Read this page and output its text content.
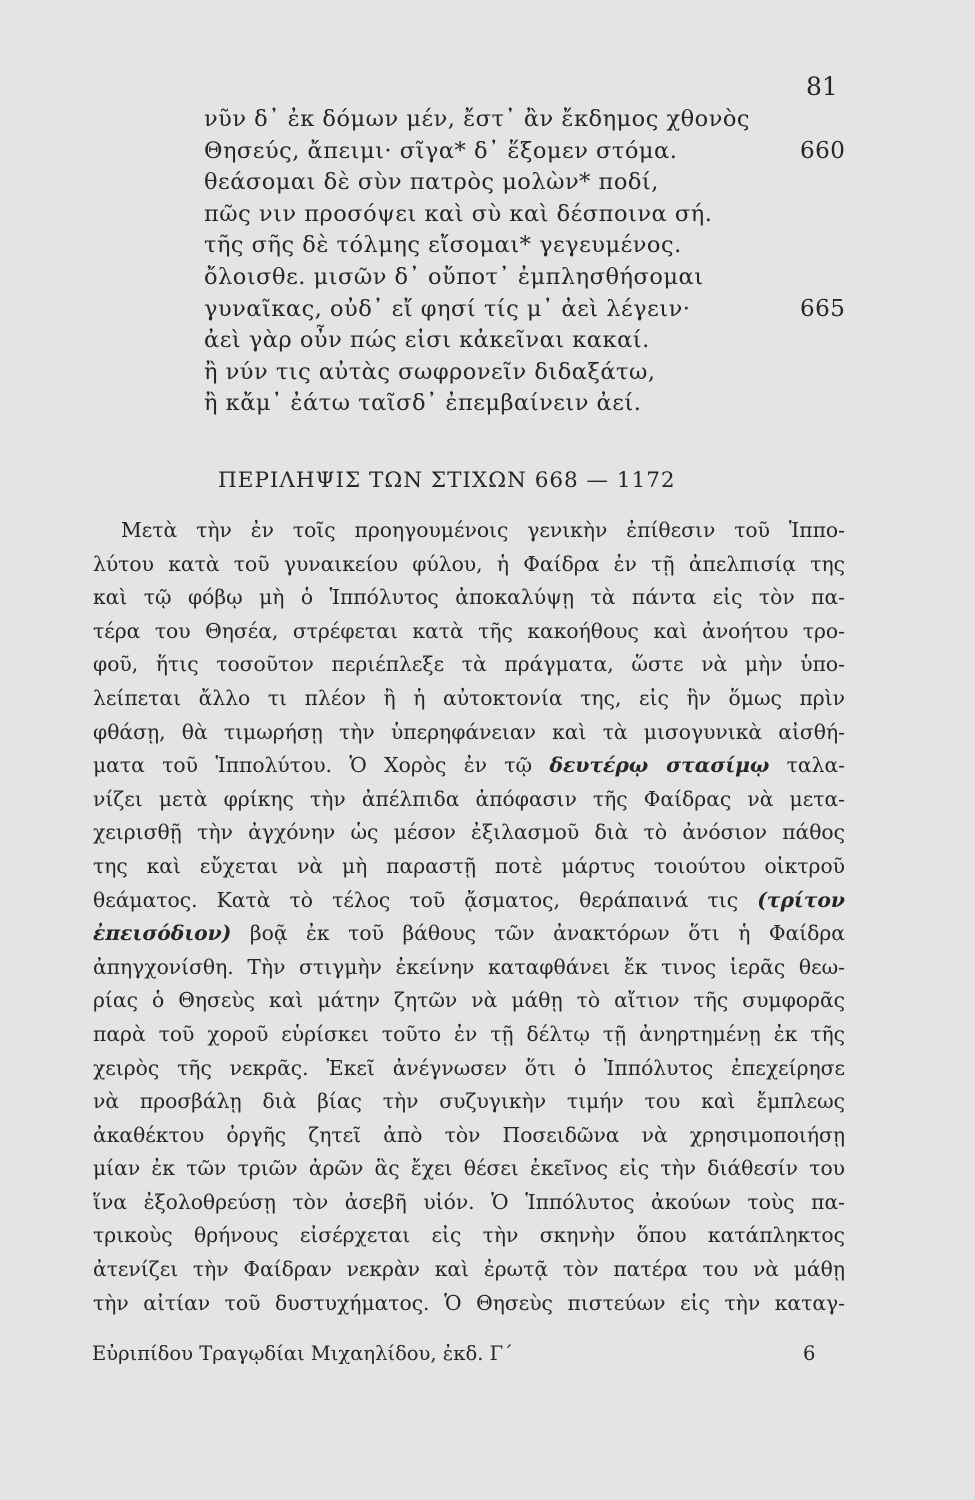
81
νῦν δ᾽ ἐκ δόμων μέν, ἔστ᾽ ἂν ἔκδημος χθονὸς
Θησεύς, ἄπειμι· σῖγα* δ᾽ ἕξομεν στόμα.	660
θεάσομαι δὲ σὺν πατρὸς μολὼν* ποδί,
πῶς νιν προσόψει καὶ σὺ καὶ δέσποινα σή.
τῆς σῆς δὲ τόλμης εἴσομαι* γεγευμένος.
ὄλοισθε. μισῶν δ᾽ οὔποτ᾽ ἐμπλησθήσομαι
γυναῖκας, οὐδ᾽ εἴ φησί τίς μ᾽ ἀεὶ λέγειν·	665
ἀεὶ γὰρ οὖν πώς εἰσι κἀκεῖναι κακαί.
ἢ νύν τις αὐτὰς σωφρονεῖν διδαξάτω,
ἢ κἄμ᾽ ἐάτω ταῖσδ᾽ ἐπεμβαίνειν ἀεί.
ΠΕΡΙΛΗΨΙΣ ΤΩΝ ΣΤΙΧΩΝ 668 — 1172
Μετὰ τὴν ἐν τοῖς προηγουμένοις γενικὴν ἐπίθεσιν τοῦ Ἱππο-
λύτου κατὰ τοῦ γυναικείου φύλου, ἡ Φαίδρα ἐν τῇ ἀπελπισίᾳ της
καὶ τῷ φόβῳ μὴ ὁ Ἱππόλυτος ἀποκαλύψῃ τὰ πάντα εἰς τὸν πα-
τέρα του Θησέα, στρέφεται κατὰ τῆς κακοήθους καὶ ἀνοήτου τρο-
φοῦ, ἥτις τοσοῦτον περιέπλεξε τὰ πράγματα, ὥστε νὰ μὴν ὑπο-
λείπεται ἄλλο τι πλέον ἢ ἡ αὐτοκτονία της, εἰς ἣν ὅμως πρὶν
φθάσῃ, θὰ τιμωρήσῃ τὴν ὑπερηφάνειαν καὶ τὰ μισογυνικὰ αἰσθή-
ματα τοῦ Ἱππολύτου. Ὁ Χορὸς ἐν τῷ δευτέρῳ στασίμῳ ταλα-
νίζει μετὰ φρίκης τὴν ἀπέλπιδα ἀπόφασιν τῆς Φαίδρας νὰ μετα-
χειρισθῇ τὴν ἀγχόνην ὡς μέσον ἐξιλασμοῦ διὰ τὸ ἀνόσιον πάθος
της καὶ εὔχεται νὰ μὴ παραστῇ ποτὲ μάρτυς τοιούτου οἰκτροῦ
θεάματος. Κατὰ τὸ τέλος τοῦ ᾄσματος, θεράπαινά τις (τρίτον
ἐπεισόδιον) βοᾷ ἐκ τοῦ βάθους τῶν ἀνακτόρων ὅτι ἡ Φαίδρα
ἀπηγχονίσθη. Τὴν στιγμὴν ἐκείνην καταφθάνει ἔκ τινος ἱερᾶς θεω-
ρίας ὁ Θησεὺς καὶ μάτην ζητῶν νὰ μάθῃ τὸ αἴτιον τῆς συμφορᾶς
παρὰ τοῦ χοροῦ εὑρίσκει τοῦτο ἐν τῇ δέλτῳ τῇ ἀνηρτημένῃ ἐκ τῆς
χειρὸς τῆς νεκρᾶς. Ἐκεῖ ἀνέγνωσεν ὅτι ὁ Ἱππόλυτος ἐπεχείρησε
νὰ προσβάλῃ διὰ βίας τὴν συζυγικὴν τιμήν του καὶ ἔμπλεως
ἀκαθέκτου ὀργῆς ζητεῖ ἀπὸ τὸν Ποσειδῶνα νὰ χρησιμοποιήσῃ
μίαν ἐκ τῶν τριῶν ἀρῶν ἃς ἔχει θέσει ἐκεῖνος εἰς τὴν διάθεσίν του
ἵνα ἐξολοθρεύσῃ τὸν ἀσεβῆ υἱόν. Ὁ Ἱππόλυτος ἀκούων τοὺς πα-
τρικοὺς θρήνους εἰσέρχεται εἰς τὴν σκηνὴν ὅπου κατάπληκτος
ἀτενίζει τὴν Φαίδραν νεκρὰν καὶ ἐρωτᾷ τὸν πατέρα του νὰ μάθῃ
τὴν αἰτίαν τοῦ δυστυχήματος. Ὁ Θησεὺς πιστεύων εἰς τὴν καταγ-
Εὐριπίδου Τραγῳδίαι Μιχαηλίδου, ἐκδ. Γ´	6
